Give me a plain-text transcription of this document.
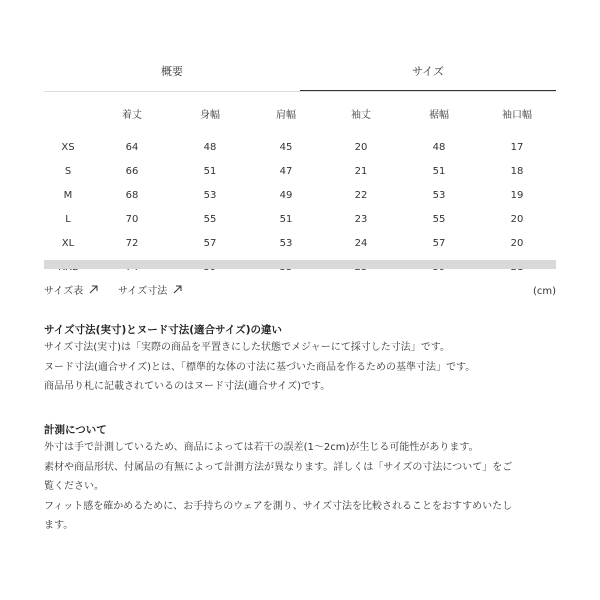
概要	サイズ
着丈	身幅	肩幅	袖丈	裾幅	袖口幅
XS	64	48	45	20	48	17
S	66	51	47	21	51	18
M	68	53	49	22	53	19
L	70	55	51	23	55	20
XL	72	57	53	24	57	20
サイズ表	サイズ寸法	(cm)
サイズ寸法(実寸)とヌード寸法(適合サイズ)の違い
サイズ寸法(実寸)は「実際の商品を平置きにした状態でメジャーにて採寸した寸法」です。
ヌード寸法(適合サイズ)とは、「標準的な体の寸法に基づいた商品を作るための基準寸法」です。
商品吊り札に記載されているのはヌード寸法(適合サイズ)です。
計測について
外寸は手で計測しているため、商品によっては若干の誤差(1〜2cm)が生じる可能性があります。
素材や商品形状、付属品の有無によって計測方法が異なります。詳しくは「サイズの寸法について」をご
覧ください。
フィット感を確かめるために、お手持ちのウェアを測り、サイズ寸法を比較されることをおすすめいたし
ます。
